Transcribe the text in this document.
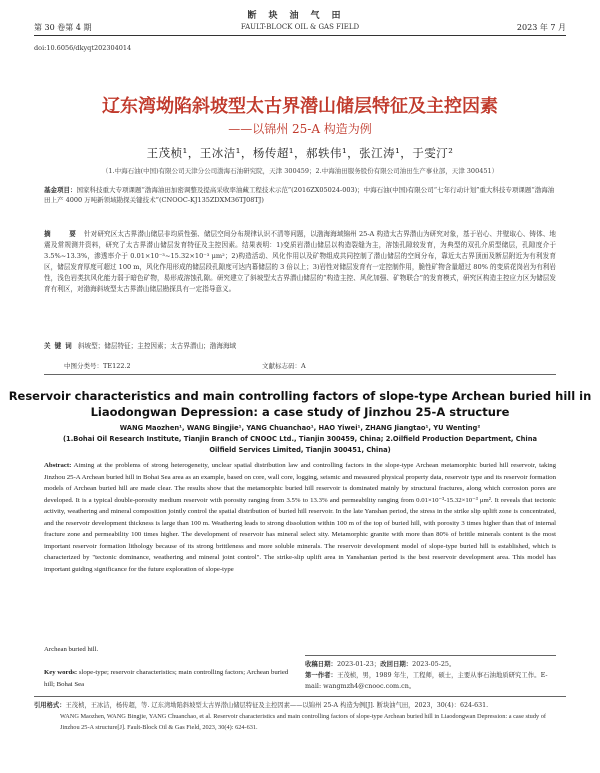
断块油气田
第 30 卷第 4 期	FAULT-BLOCK OIL & GAS FIELD	2023 年 7 月
doi:10.6056/dkyqt202304014
辽东湾坳陷斜坡型太古界潜山储层特征及主控因素
——以锦州 25-A 构造为例
王茂桢¹，王冰洁¹，杨传超¹，郝轶伟¹，张江涛¹，于雯汀²
（1.中海石油(中国)有限公司天津分公司渤海石油研究院，天津 300459；2.中海油田服务股份有限公司油田生产事业部，天津 300451）
基金项目：国家科技重大专项课题“渤海油田加密调整及提高采收率油藏工程技术示范”(2016ZX05024-003)；中海石油(中国)有限公司“七年行动计划”重大科技专项课题“渤海油田上产 4000 万吨新领域勘探关键技术”(CNOOC-KJ135ZDXM36TJ08TJ)
摘　要 针对研究区太古界潜山储层非均质性强、储层空间分布规律认识不清等问题，以渤海海域锦州 25-A 构造太古界潜山为研究对象，基于岩心、井壁取心、铸体、地震及常规测井资料，研究了太古界潜山储层发育特征及主控因素。结果表明：1)变质岩潜山储层以构造裂缝为主，溶蚀孔隙较发育，为典型的双孔介质型储层，孔隙度介于 3.5%~13.3%，渗透率介于 0.01×10⁻³~15.32×10⁻³ μm²；2)构造活动、风化作用以及矿物组成共同控制了潜山储层的空间分布，靠近太古界顶面及断层附近为有利发育区，储层发育厚度可超过 100 m，风化作用形成的储层段孔隙度可达内幕储层的 3 倍以上；3)岩性对储层发育有一定控制作用，脆性矿物含量超过 80% 的变质花岗岩为有利岩性，浅色岩类抗风化能力弱于暗色矿物，易形成溶蚀孔隙。研究建立了斜坡型太古界潜山储层的“构造主控、风化加强、矿物联合”的发育模式，研究区构造主控应力区为储层发育有利区，对渤海斜坡型太古界潜山储层勘探具有一定指导意义。
关键词 斜坡型；储层特征；主控因素；太古界潜山；渤海海域
中图分类号：TE122.2	文献标志码：A
Reservoir characteristics and main controlling factors of slope-type Archean buried hill in Liaodongwan Depression: a case study of Jinzhou 25-A structure
WANG Maozhen¹, WANG Bingjie¹, YANG Chuanchao¹, HAO Yiwei¹, ZHANG Jiangtao¹, YU Wenting²
(1.Bohai Oil Research Institute, Tianjin Branch of CNOOC Ltd., Tianjin 300459, China; 2.Oilfield Production Department, China Oilfield Services Limited, Tianjin 300451, China)
Abstract: Aiming at the problems of strong heterogeneity, unclear spatial distribution law and controlling factors in the slope-type Archean metamorphic buried hill reservoir, taking Jinzhou 25-A Archean buried hill in Bohai Sea area as an example, based on core, wall core, logging, seismic and measured physical property data, reservoir type and its reservoir formation models of Archean buried hill are made clear. The results show that the metamorphic buried hill reservoir is dominated mainly by structural fractures, along which corrosion pores are developed. It is a typical double-porosity medium reservoir with porosity ranging from 3.5% to 13.3% and permeability ranging from 0.01×10⁻³-15.32×10⁻³ μm². It reveals that tectonic activity, weathering and mineral composition jointly control the spatial distribution of buried hill reservoir. In the late Yanshan period, the stress in the strike slip uplift zone is concentrated, and the reservoir development thickness is large than 100 m. Weathering leads to strong dissolution within 100 m of the top of buried hill, with porosity 3 times higher than that of internal fracture zone and permeability 100 times higher. The development of reservoir has mineral select sity. Metamorphic granite with more than 80% of brittle minerals content is the most important reservoir formation lithology because of its strong brittleness and more soluble minerals. The reservoir development model of slope-type buried hill is established, which is characterized by "tectonic dominance, weathering and mineral joint control". The strike-slip uplift area in Yanshanian period is the best reservoir development area. This model has important guiding significance for the future exploration of slope-type
Archean buried hill.
Key words: slope-type; reservoir characteristics; main controlling factors; Archean buried hill; Bohai Sea
收稿日期：2023-01-23；改回日期：2023-05-25。
第一作者：王茂桢，男，1989 年生，工程师，硕士，主要从事石油地质研究工作。E-mail: wangmzh4@cnooc.com.cn。
引用格式：王茂桢，王冰洁，杨传超，等. 辽东湾坳陷斜坡型太古界潜山储层特征及主控因素——以锦州 25-A 构造为例[J]. 断块油气田，2023，30(4)：624-631.
WANG Maozhen, WANG Bingjie, YANG Chuanchao, et al. Reservoir characteristics and main controlling factors of slope-type Archean buried hill in Liaodongwan Depression: a case study of Jinzhou 25-A structure[J]. Fault-Block Oil & Gas Field, 2023, 30(4): 624-631.
